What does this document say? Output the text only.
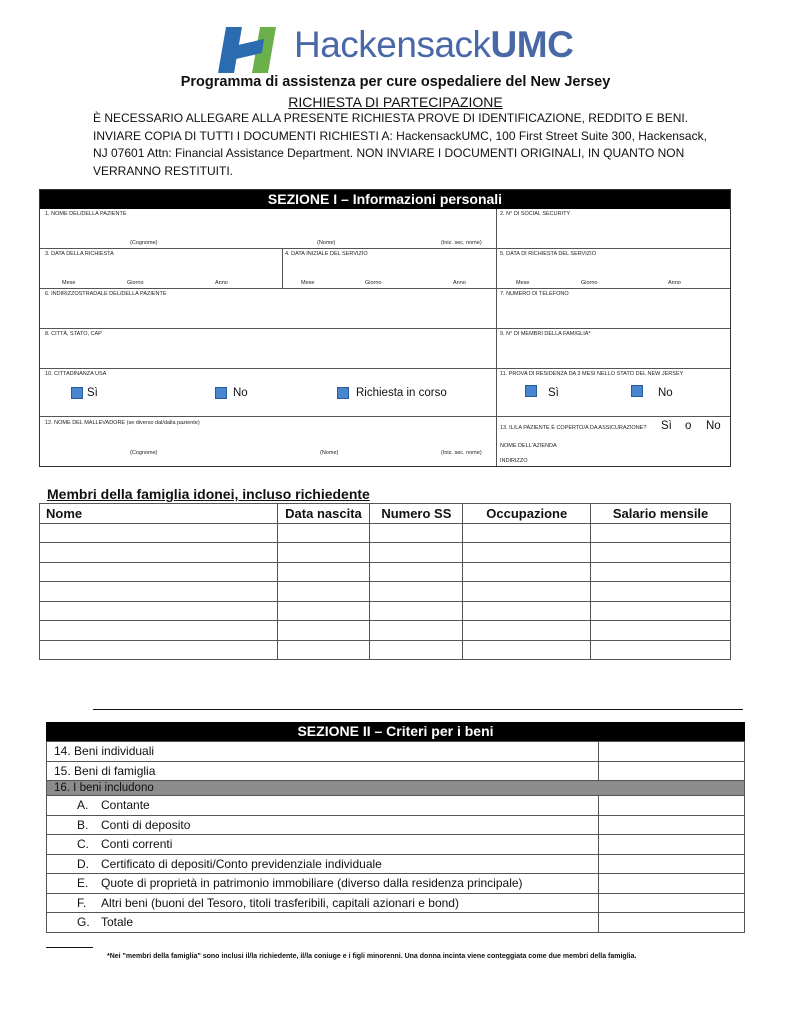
HackensackUMC
Programma di assistenza per cure ospedaliere del New Jersey
RICHIESTA DI PARTECIPAZIONE
È NECESSARIO ALLEGARE ALLA PRESENTE RICHIESTA PROVE DI IDENTIFICAZIONE, REDDITO E BENI. INVIARE COPIA DI TUTTI I DOCUMENTI RICHIESTI A: HackensackUMC, 100 First Street Suite 300, Hackensack, NJ 07601 Attn: Financial Assistance Department. NON INVIARE I DOCUMENTI ORIGINALI, IN QUANTO NON VERRANNO RESTITUITI.
SEZIONE I – Informazioni personali
1. NOME DEL/DELLA PAZIENTE
(Cognome)	(Nome)	(Iniz. sec. nome)
2. N° DI SOCIAL SECURITY
3. DATA DELLA RICHIESTA
Mese	Giorno	Anno
4. DATA INIZIALE DEL SERVIZIO
Mese	Giorno	Anno
5. DATA DI RICHIESTA DEL SERVIZIO
Mese	Giorno	Anno
6. INDIRIZZOSTRADALE DEL/DELLA PAZIENTE	7. NUMERO DI TELEFONO
8. CITTÀ, STATO, CAP	9. N° DI MEMBRI DELLA FAMIGLIA*
10. CITTADINANZA USA
Sì	No	Richiesta in corso
11. PROVA DI RESIDENZA DA 3 MESI NELLO STATO DEL NEW JERSEY
Sì	No
12. NOME DEL MALLEVADORE (se diverso dal/dalla paziente)
(Cognome)	(Nome)	(Iniz. sec. nome)
13. IL/LA PAZIENTE È COPERTO/A DA ASSICURAZIONE? Sì o No
NOME DELL'AZIENDA
INDIRIZZO
Membri della famiglia idonei, incluso richiedente
Nome	Data nascita	Numero SS	Occupazione	Salario mensile

SEZIONE II – Criteri per i beni
14. Beni individuali	
15. Beni di famiglia	
16. I beni includono	
A. Contante	
B. Conti di deposito	
C. Conti correnti	
D. Certificato di depositi/Conto previdenziale individuale	
E. Quote di proprietà in patrimonio immobiliare (diverso dalla residenza principale)	
F. Altri beni (buoni del Tesoro, titoli trasferibili, capitali azionari e bond)	
G. Totale	
*Nei "membri della famiglia" sono inclusi il/la richiedente, il/la coniuge e i figli minorenni. Una donna incinta viene conteggiata come due membri della famiglia.
